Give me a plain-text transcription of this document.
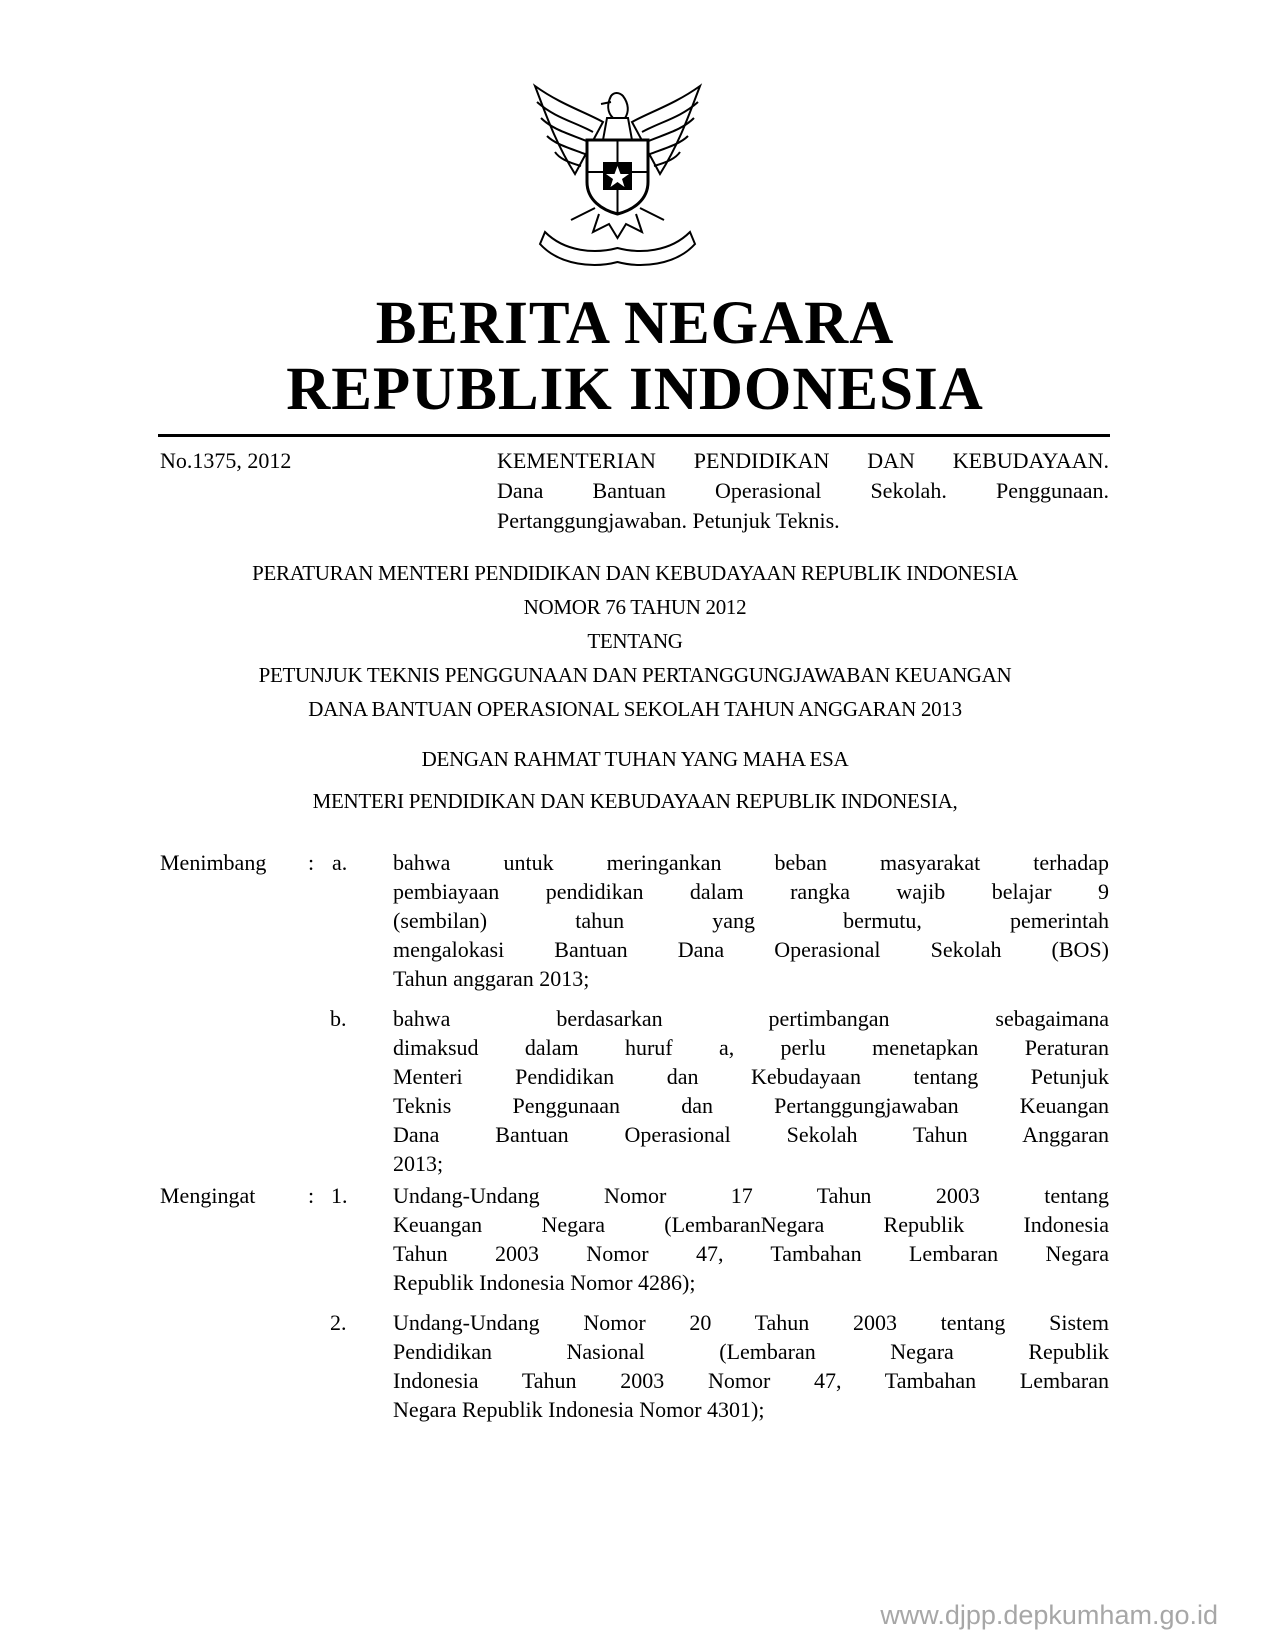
BERITA NEGARA
REPUBLIK INDONESIA
No.1375, 2012	KEMENTERIAN PENDIDIKAN DAN KEBUDAYAAN.
Dana Bantuan Operasional Sekolah. Penggunaan.
Pertanggungjawaban. Petunjuk Teknis.
PERATURAN MENTERI PENDIDIKAN DAN KEBUDAYAAN REPUBLIK INDONESIA
NOMOR 76 TAHUN 2012
TENTANG
PETUNJUK TEKNIS PENGGUNAAN DAN PERTANGGUNGJAWABAN KEUANGAN
DANA BANTUAN OPERASIONAL SEKOLAH TAHUN ANGGARAN 2013
DENGAN RAHMAT TUHAN YANG MAHA ESA
MENTERI PENDIDIKAN DAN KEBUDAYAAN REPUBLIK INDONESIA,
Menimbang : a. bahwa untuk meringankan beban masyarakat terhadap
pembiayaan pendidikan dalam rangka wajib belajar 9
(sembilan) tahun yang bermutu, pemerintah
mengalokasi Bantuan Dana Operasional Sekolah (BOS)
Tahun anggaran 2013;
b. bahwa berdasarkan pertimbangan sebagaimana
dimaksud dalam huruf a, perlu menetapkan Peraturan
Menteri Pendidikan dan Kebudayaan tentang Petunjuk
Teknis Penggunaan dan Pertanggungjawaban Keuangan
Dana Bantuan Operasional Sekolah Tahun Anggaran
2013;
Mengingat : 1. Undang-Undang Nomor 17 Tahun 2003 tentang
Keuangan Negara (LembaranNegara Republik Indonesia
Tahun 2003 Nomor 47, Tambahan Lembaran Negara
Republik Indonesia Nomor 4286);
2. Undang-Undang Nomor 20 Tahun 2003 tentang Sistem
Pendidikan Nasional (Lembaran Negara Republik
Indonesia Tahun 2003 Nomor 47, Tambahan Lembaran
Negara Republik Indonesia Nomor 4301);
www.djpp.depkumham.go.id
